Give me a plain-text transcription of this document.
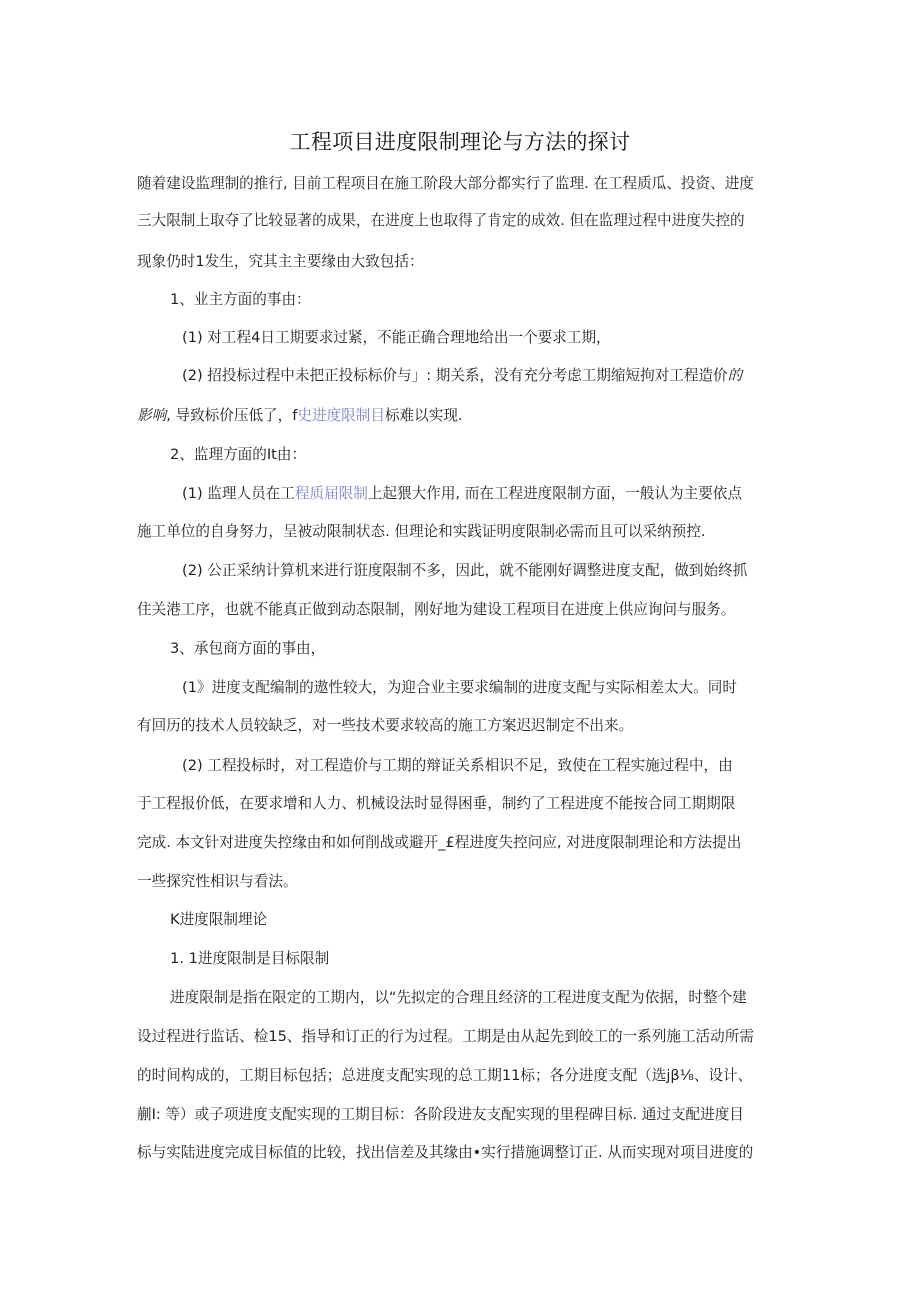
工程项目进度限制理论与方法的探讨
随着建设监理制的推行, 目前工程项目在施工阶段大部分都实行了监理. 在工程质瓜、投资、进度
三大限制上取夺了比较显著的成果，在进度上也取得了肯定的成效. 但在监理过程中进度失控的
现象仍时1发生，究其主主要缘由大致包括：
1、业主方面的事由：
(1) 对工程4日工期要求过紧，不能正确合理地给出一个要求工期，
(2) 招投标过程中未把正投标标价与」: 期关系，没有充分考虑工期缩短拘对工程造价的
影响, 导致标价压低了，f史进度限制目标难以实现.
2、监理方面的It由：
(1) 监理人员在工程质届限制上起猥大作用, 而在工程进度限制方面，一般认为主要依点
施工单位的自身努力，呈被动限制状态. 但理论和实践证明度限制必需而且可以采纳预控.
(2) 公正采纳计算机来进行诳度限制不多，因此，就不能刚好调整进度支配，做到始终抓
住关港工序，也就不能真正做到动态限制，刚好地为建设工程项目在进度上供应询问与服务。
3、承包商方面的事由，
(1》进度支配编制的遨性较大，为迎合业主要求编制的进度支配与实际相差太大。同时
有回历的技术人员较缺乏，对一些技术要求较高的施工方案迟迟制定不出来。
(2) 工程投标时，对工程造价与工期的辩证关系相识不足，致使在工程实施过程中，由
于工程报价低，在要求增和人力、机械设法时显得困垂，制约了工程进度不能按合同工期期限
完成. 本文针对进度失控缘由和如何削战或避开_£程进度失控问应, 对进度限制理论和方法提出
一些探究性相识与看法。
K进度限制埋论
1. 1进度限制是目标限制
进度限制是指在限定的工期内，以“先拟定的合理且经济的工程进度支配为依据，时整个建
设过程进行监话、检15、指导和订正的行为过程。工期是由从起先到皎工的一系列施工活动所需
的时间构成的，工期目标包括；总进度支配实现的总工期11标；各分进度支配（选jβ⅛、设计、
蒯I: 等）或子项进度支配实现的工期目标：各阶段进友支配实现的里程碑目标. 通过支配进度目
标与实陆进度完成目标值的比较，找出信差及其缘由•实行措施调整订正. 从而实现对项目进度的
